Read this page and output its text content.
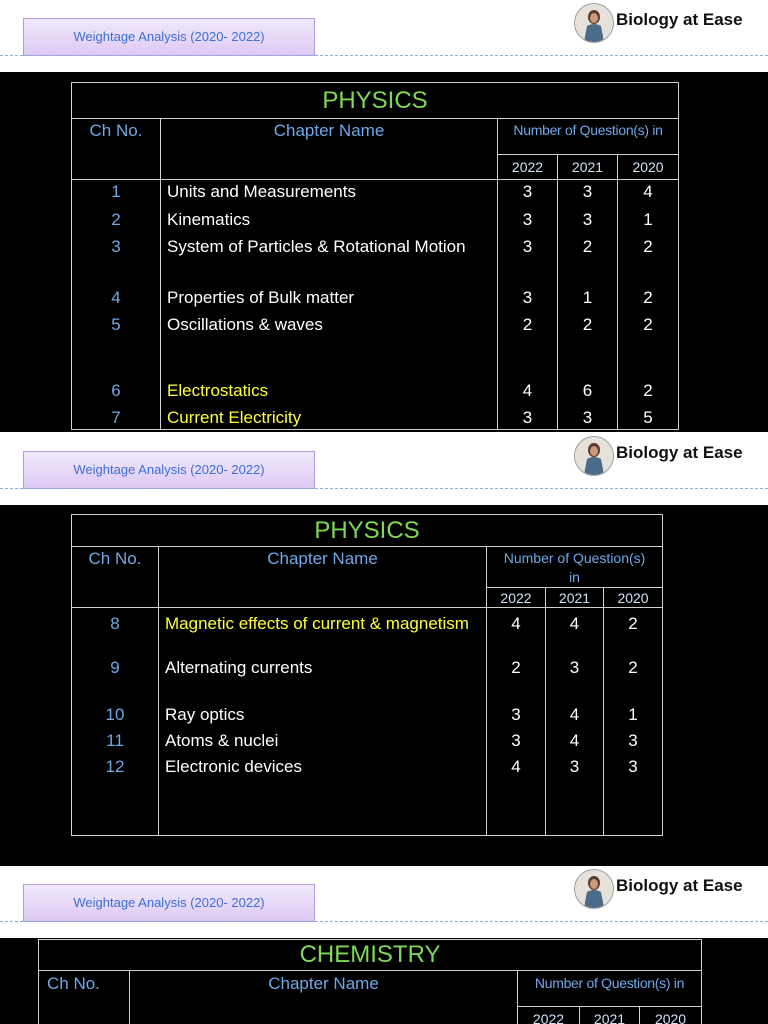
Weightage Analysis (2020- 2022)
Biology at Ease
PHYSICS				
Ch No.	Chapter Name	Number of Question(s) in		
		2022	2021	2020
1	Units and Measurements	3	3	4
2	Kinematics	3	3	1
3	System of Particles & Rotational Motion	3	2	2
4	Properties of Bulk matter	3	1	2
5	Oscillations & waves	2	2	2
6	Electrostatics	4	6	2
7	Current Electricity	3	3	5
Weightage Analysis (2020- 2022)
Biology at Ease
PHYSICS				
Ch No.	Chapter Name	Number of Question(s) in		
		2022	2021	2020
8	Magnetic effects of current & magnetism	4	4	2
9	Alternating currents	2	3	2
10	Ray optics	3	4	1
11	Atoms & nuclei	3	4	3
12	Electronic devices	4	3	3
Weightage Analysis (2020- 2022)
Biology at Ease
CHEMISTRY				
Ch No.	Chapter Name	Number of Question(s) in		
		2022	2021	2020
